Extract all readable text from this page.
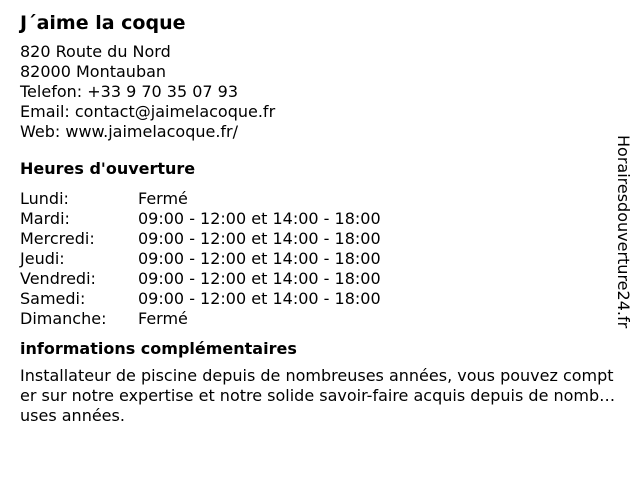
J´aime la coque
820 Route du Nord
82000 Montauban
Telefon: +33 9 70 35 07 93
Email: contact@jaimelacoque.fr
Web: www.jaimelacoque.fr/
Heures d'ouverture
Lundi:	Fermé
Mardi:	09:00 - 12:00 et 14:00 - 18:00
Mercredi:	09:00 - 12:00 et 14:00 - 18:00
Jeudi:	09:00 - 12:00 et 14:00 - 18:00
Vendredi:	09:00 - 12:00 et 14:00 - 18:00
Samedi:	09:00 - 12:00 et 14:00 - 18:00
Dimanche:	Fermé
informations complémentaires
Installateur de piscine depuis de nombreuses années, vous pouvez compter sur notre expertise et notre solide savoir-faire acquis depuis de nombreuses années.
Horairesdouverture24.fr
